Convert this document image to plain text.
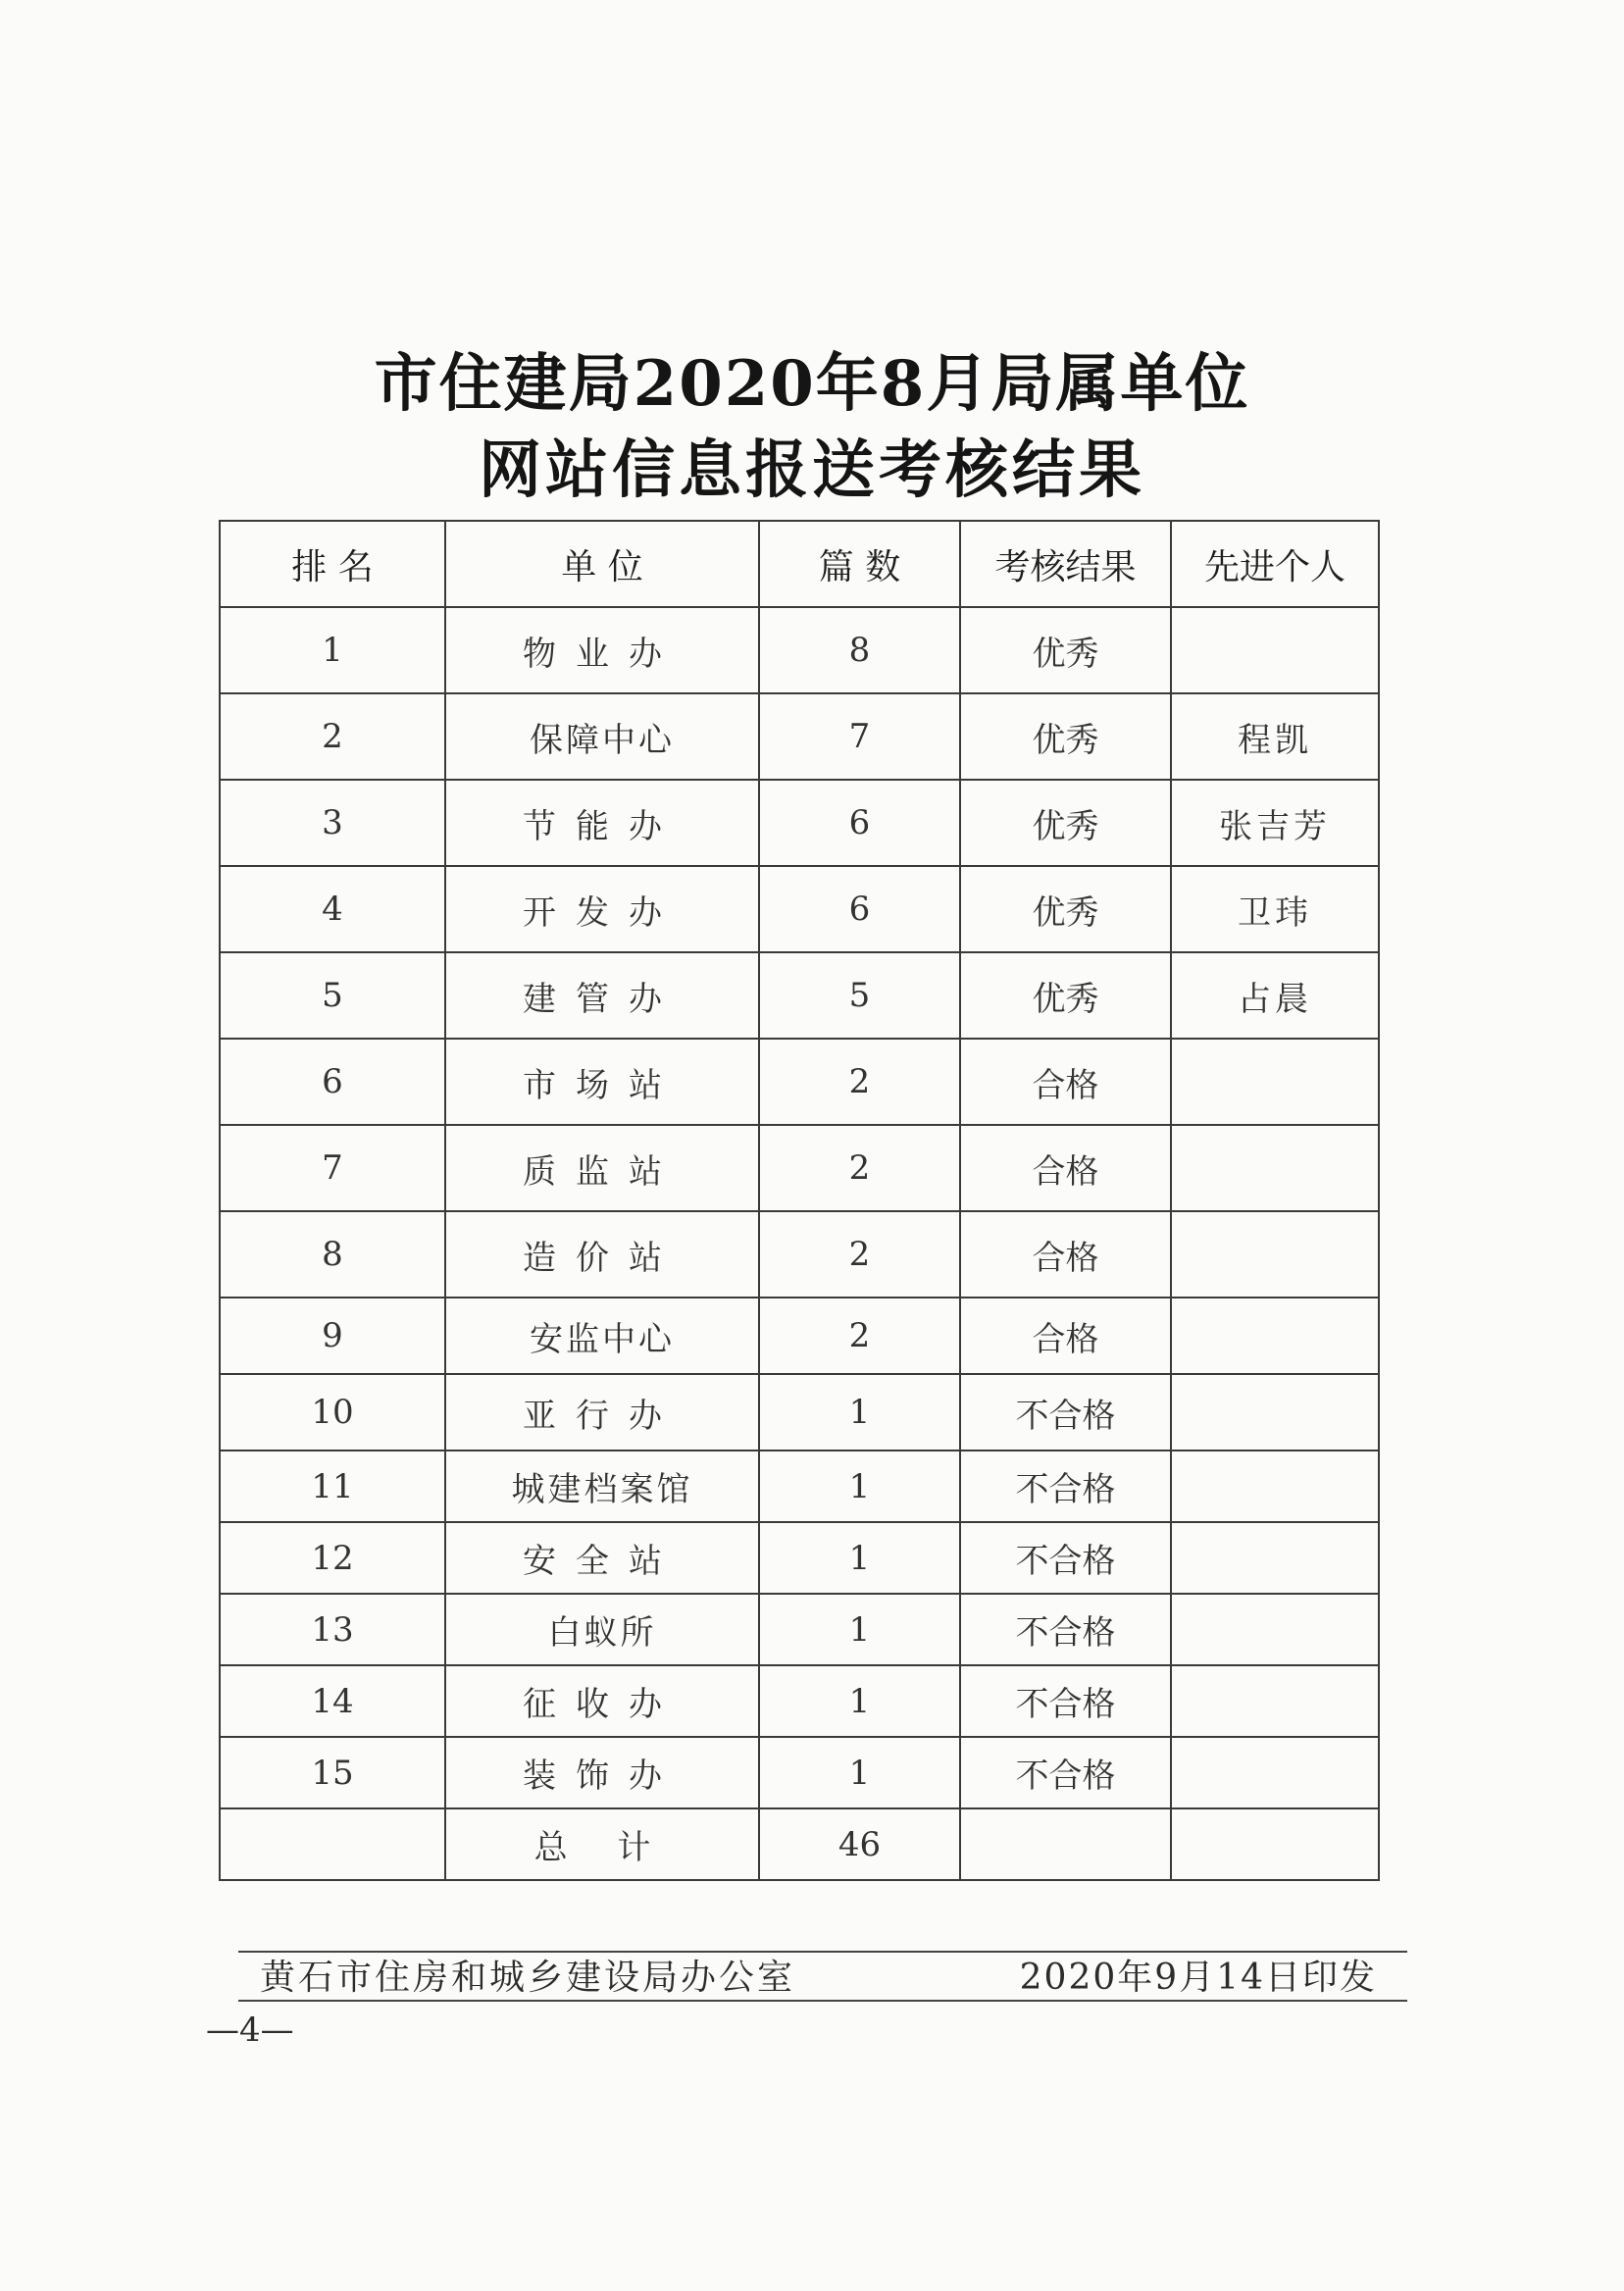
市住建局2020年8月局属单位
网站信息报送考核结果
排 名	单 位	篇 数	考核结果	先进个人
1	物业办	8	优秀	
2	保障中心	7	优秀	程凯
3	节能办	6	优秀	张吉芳
4	开发办	6	优秀	卫玮
5	建管办	5	优秀	占晨
6	市场站	2	合格	
7	质监站	2	合格	
8	造价站	2	合格	
9	安监中心	2	合格	
10	亚行办	1	不合格	
11	城建档案馆	1	不合格	
12	安全站	1	不合格	
13	白蚁所	1	不合格	
14	征收办	1	不合格	
15	装饰办	1	不合格	
	总 计	46		
黄石市住房和城乡建设局办公室	2020年9月14日印发
—4—
